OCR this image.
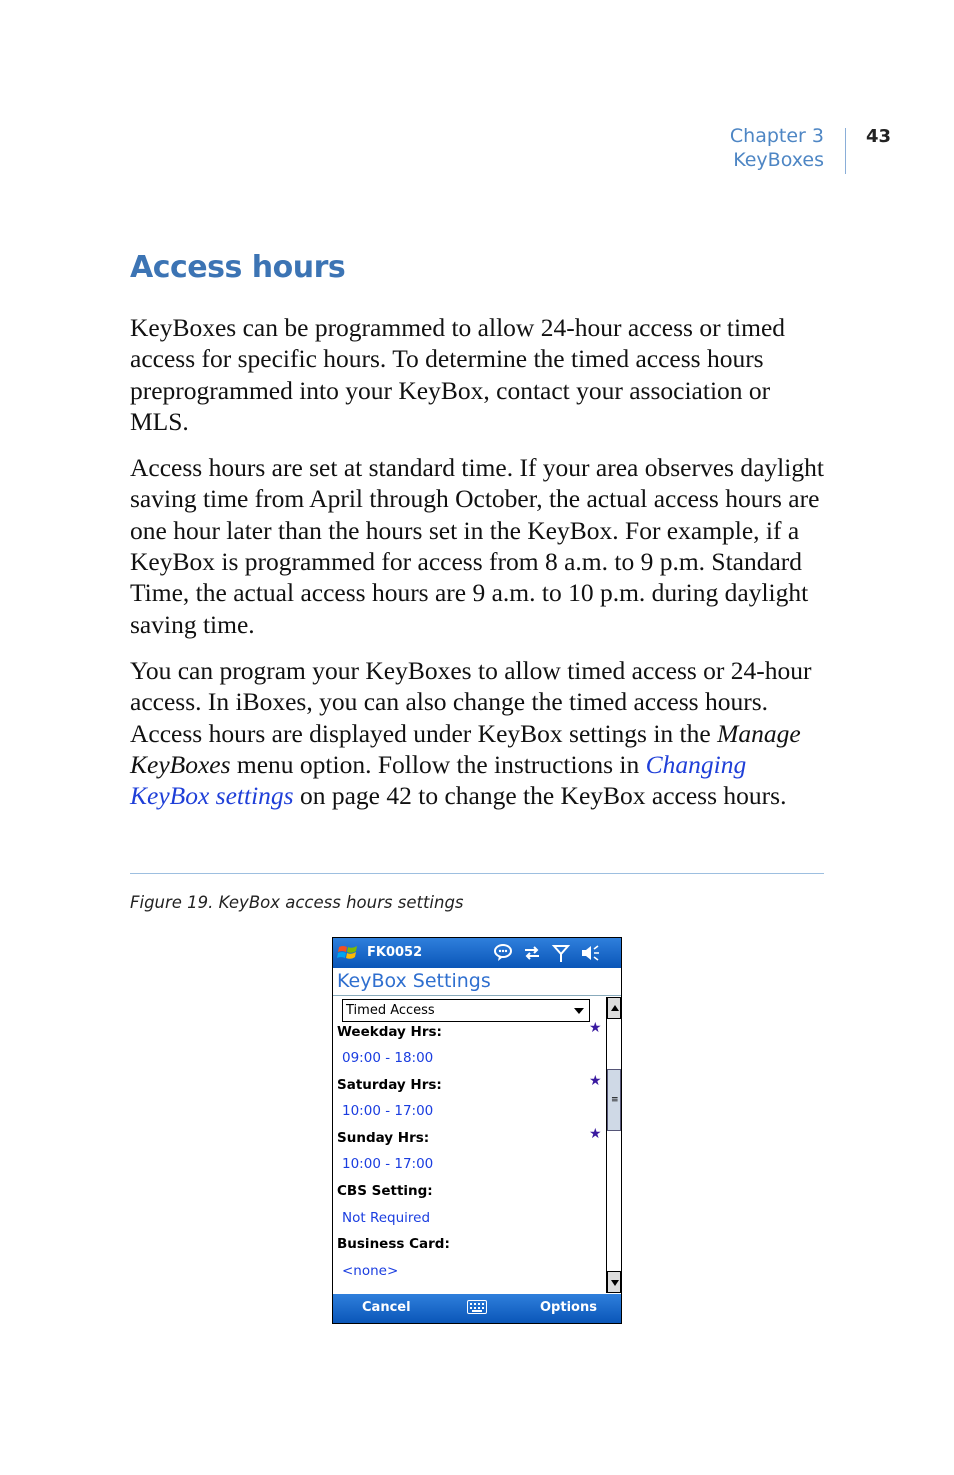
Chapter 3
KeyBoxes
43
Access hours

KeyBoxes can be programmed to allow 24-hour access or timed access for specific hours. To determine the timed access hours preprogrammed into your KeyBox, contact your association or MLS.

Access hours are set at standard time. If your area observes daylight saving time from April through October, the actual access hours are one hour later than the hours set in the KeyBox. For example, if a KeyBox is programmed for access from 8 a.m. to 9 p.m. Standard Time, the actual access hours are 9 a.m. to 10 p.m. during daylight saving time.

You can program your KeyBoxes to allow timed access or 24-hour access. In iBoxes, you can also change the timed access hours. Access hours are displayed under KeyBox settings in the Manage KeyBoxes menu option. Follow the instructions in Changing KeyBox settings on page 42 to change the KeyBox access hours.

Figure 19. KeyBox access hours settings
FK0052
KeyBox Settings
Timed Access
Weekday Hrs:	★
09:00 - 18:00
Saturday Hrs:	★
10:00 - 17:00
Sunday Hrs:	★
10:00 - 17:00
CBS Setting:
Not Required
Business Card:
<none>
≡
Cancel	Options
